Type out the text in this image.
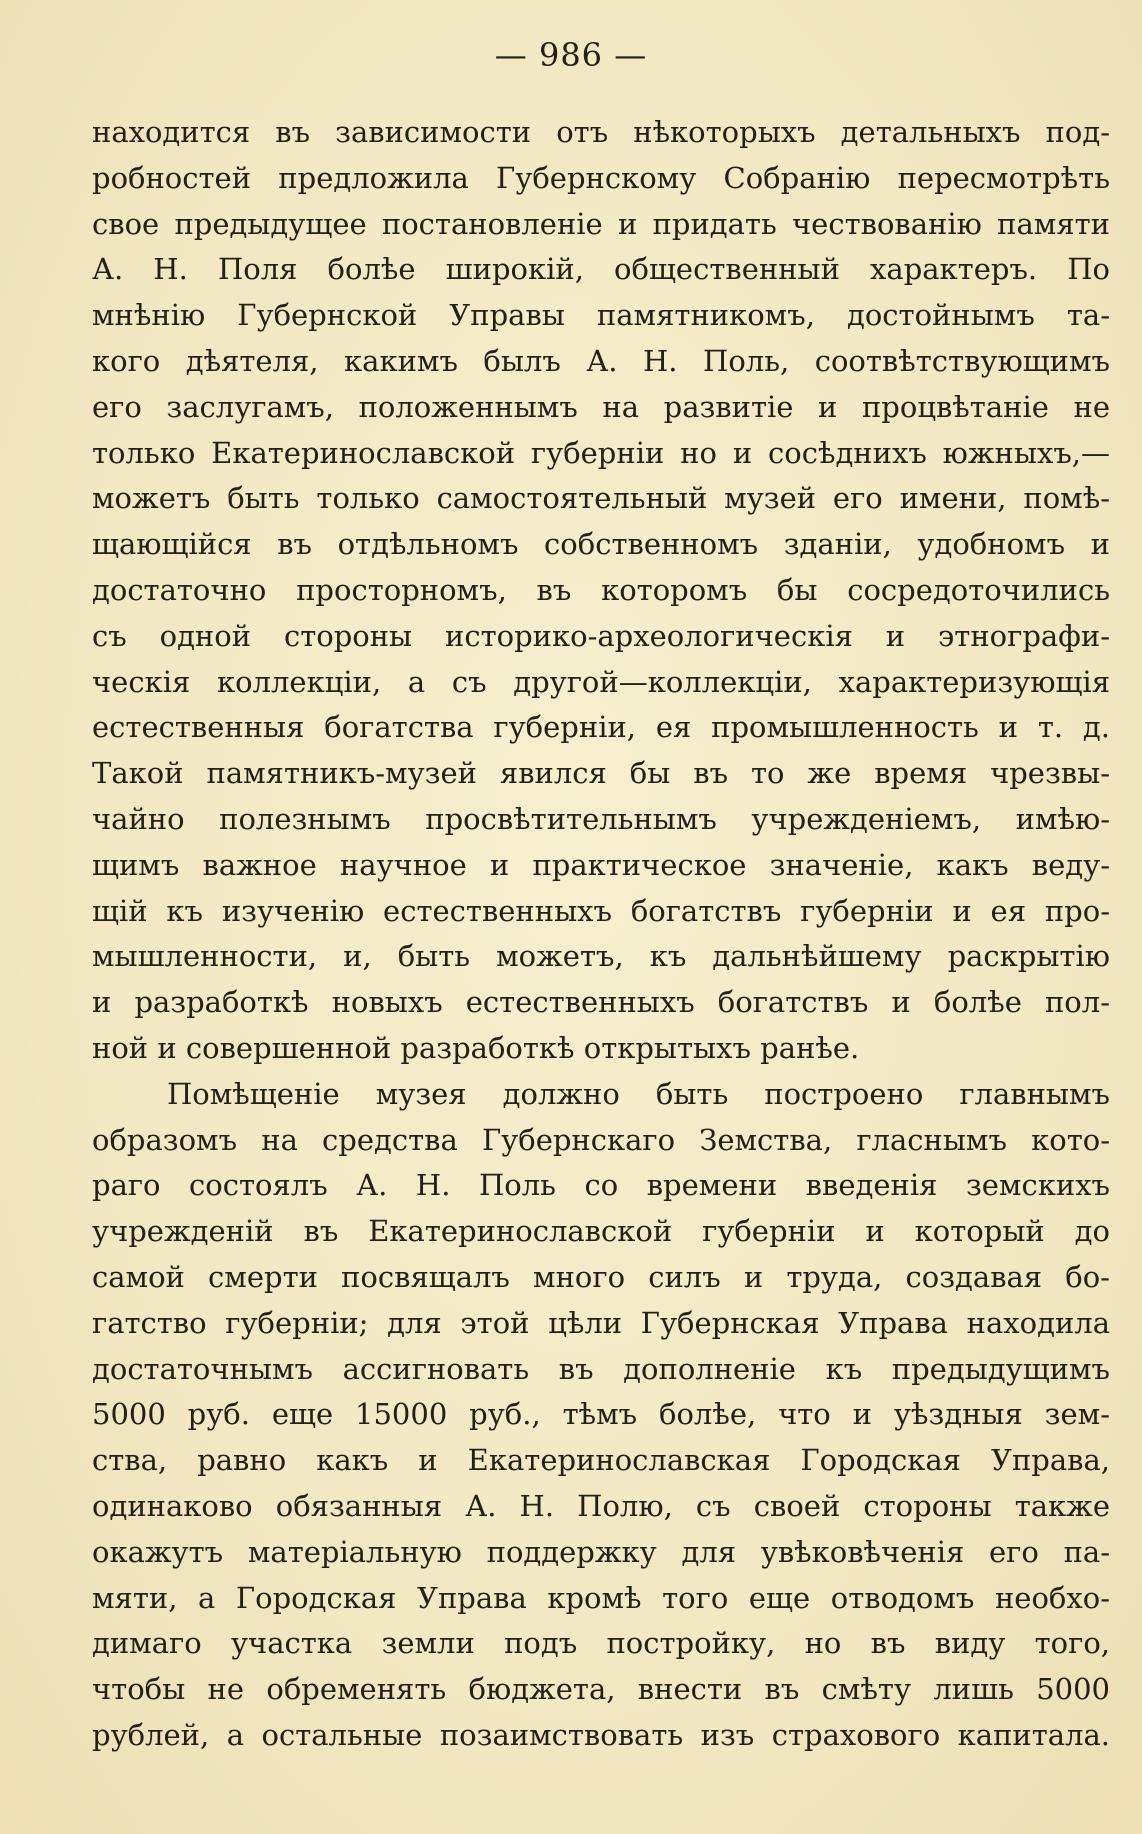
— 986 —
находится въ зависимости отъ нѣкоторыхъ детальныхъ под-
робностей предложила Губернскому Собранію пересмотрѣть
свое предыдущее постановленіе и придать чествованію памяти
А. Н. Поля болѣе широкій, общественный характеръ. По
мнѣнію Губернской Управы памятникомъ, достойнымъ та-
кого дѣятеля, какимъ былъ А. Н. Поль, соотвѣтствующимъ
его заслугамъ, положеннымъ на развитіе и процвѣтаніе не
только Екатеринославской губерніи но и сосѣднихъ южныхъ,—
можетъ быть только самостоятельный музей его имени, помѣ-
щающійся въ отдѣльномъ собственномъ зданіи, удобномъ и
достаточно просторномъ, въ которомъ бы сосредоточились
съ одной стороны историко-археологическія и этнографи-
ческія коллекціи, а съ другой—коллекціи, характеризующія
естественныя богатства губерніи, ея промышленность и т. д.
Такой памятникъ-музей явился бы въ то же время чрезвы-
чайно полезнымъ просвѣтительнымъ учрежденіемъ, имѣю-
щимъ важное научное и практическое значеніе, какъ веду-
щій къ изученію естественныхъ богатствъ губерніи и ея про-
мышленности, и, быть можетъ, къ дальнѣйшему раскрытію
и разработкѣ новыхъ естественныхъ богатствъ и болѣе пол-
ной и совершенной разработкѣ открытыхъ ранѣе.
Помѣщеніе музея должно быть построено главнымъ
образомъ на средства Губернскаго Земства, гласнымъ кото-
раго состоялъ А. Н. Поль со времени введенія земскихъ
учрежденій въ Екатеринославской губерніи и который до
самой смерти посвящалъ много силъ и труда, создавая бо-
гатство губерніи; для этой цѣли Губернская Управа находила
достаточнымъ ассигновать въ дополненіе къ предыдущимъ
5000 руб. еще 15000 руб., тѣмъ болѣе, что и уѣздныя зем-
ства, равно какъ и Екатеринославская Городская Управа,
одинаково обязанныя А. Н. Полю, съ своей стороны также
окажутъ матеріальную поддержку для увѣковѣченія его па-
мяти, а Городская Управа кромѣ того еще отводомъ необхо-
димаго участка земли подъ постройку, но въ виду того,
чтобы не обременять бюджета, внести въ смѣту лишь 5000
рублей, а остальные позаимствовать изъ страхового капитала.
